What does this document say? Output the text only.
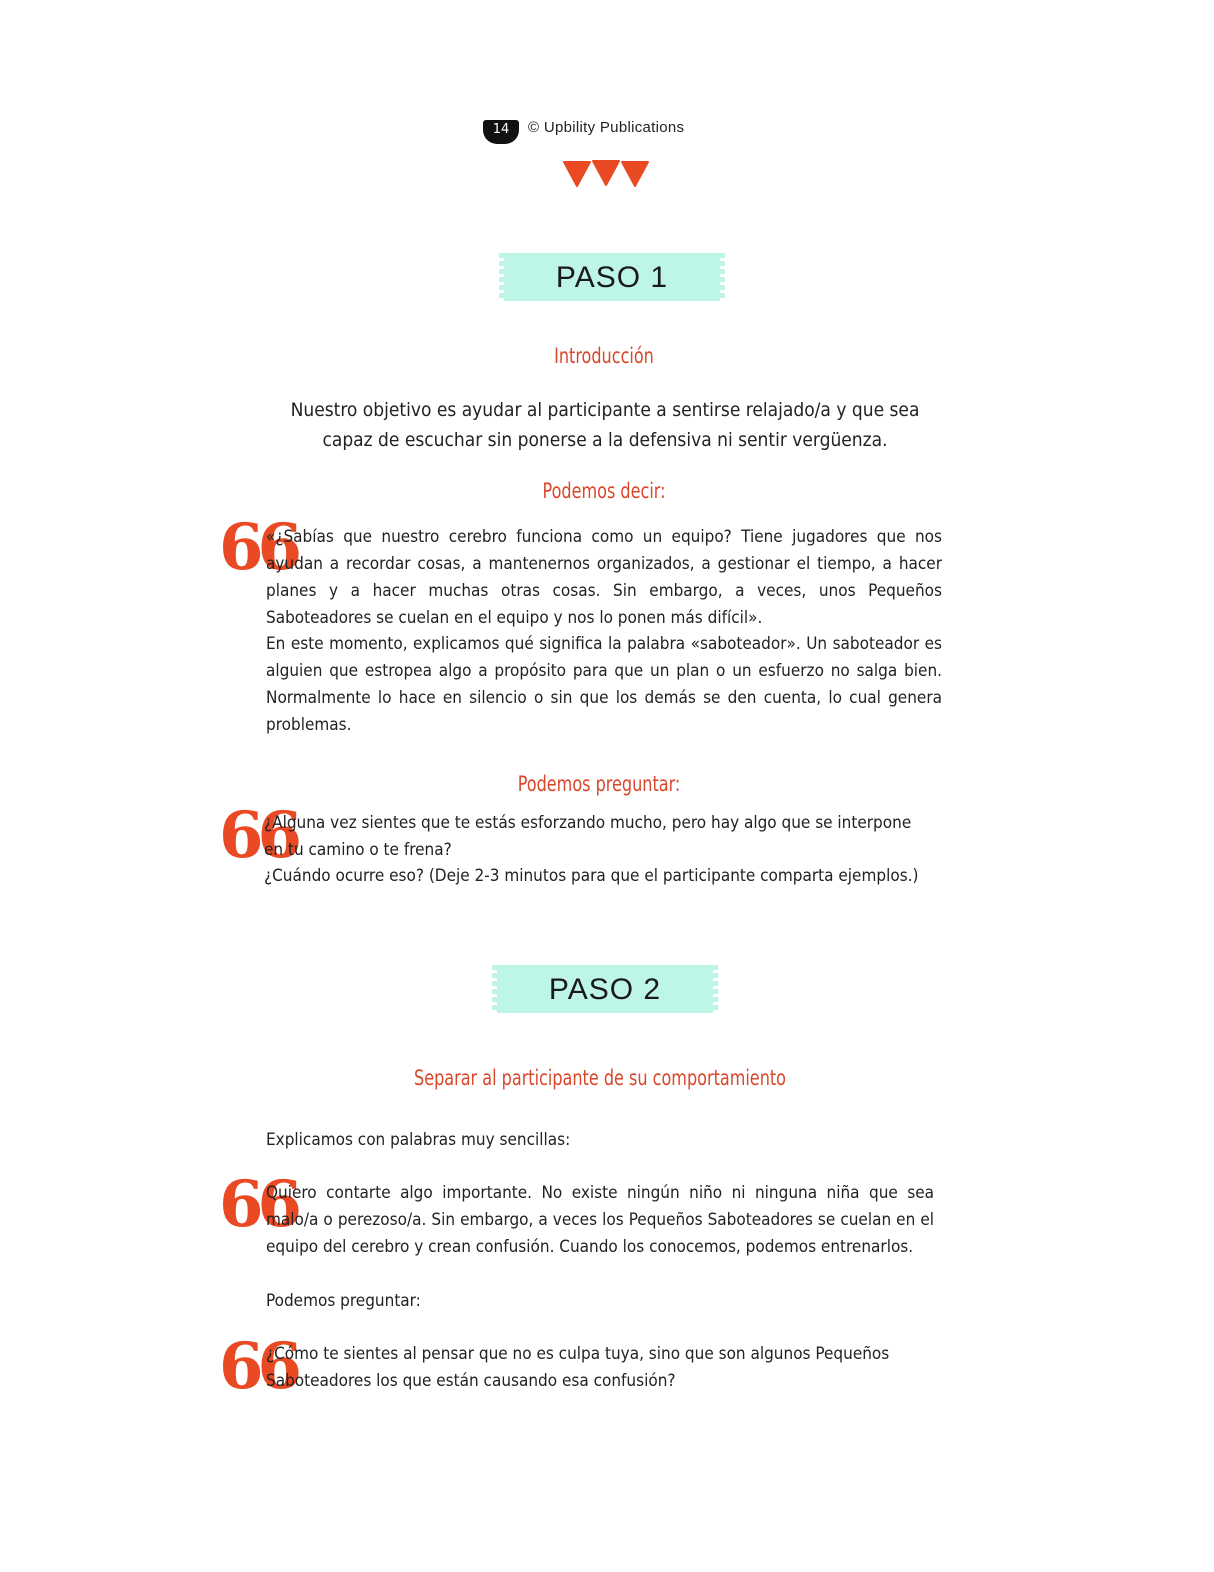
14	© Upbility Publications
PASO 1
Introducción
Nuestro objetivo es ayudar al participante a sentirse relajado/a y que sea capaz de escuchar sin ponerse a la defensiva ni sentir vergüenza.
Podemos decir:
66
«¿Sabías que nuestro cerebro funciona como un equipo? Tiene jugadores que nos ayudan a recordar cosas, a mantenernos organizados, a gestionar el tiempo, a hacer planes y a hacer muchas otras cosas. Sin embargo, a veces, unos Pequeños Saboteadores se cuelan en el equipo y nos lo ponen más difícil».
En este momento, explicamos qué significa la palabra «saboteador». Un saboteador es alguien que estropea algo a propósito para que un plan o un esfuerzo no salga bien. Normalmente lo hace en silencio o sin que los demás se den cuenta, lo cual genera problemas.
Podemos preguntar:
66
¿Alguna vez sientes que te estás esforzando mucho, pero hay algo que se interpone en tu camino o te frena?
¿Cuándo ocurre eso? (Deje 2-3 minutos para que el participante comparta ejemplos.)
PASO 2
Separar al participante de su comportamiento
Explicamos con palabras muy sencillas:
66
Quiero contarte algo importante. No existe ningún niño ni ninguna niña que sea malo/a o perezoso/a. Sin embargo, a veces los Pequeños Saboteadores se cuelan en el equipo del cerebro y crean confusión. Cuando los conocemos, podemos entrenarlos.
Podemos preguntar:
66
¿Cómo te sientes al pensar que no es culpa tuya, sino que son algunos Pequeños Saboteadores los que están causando esa confusión?
